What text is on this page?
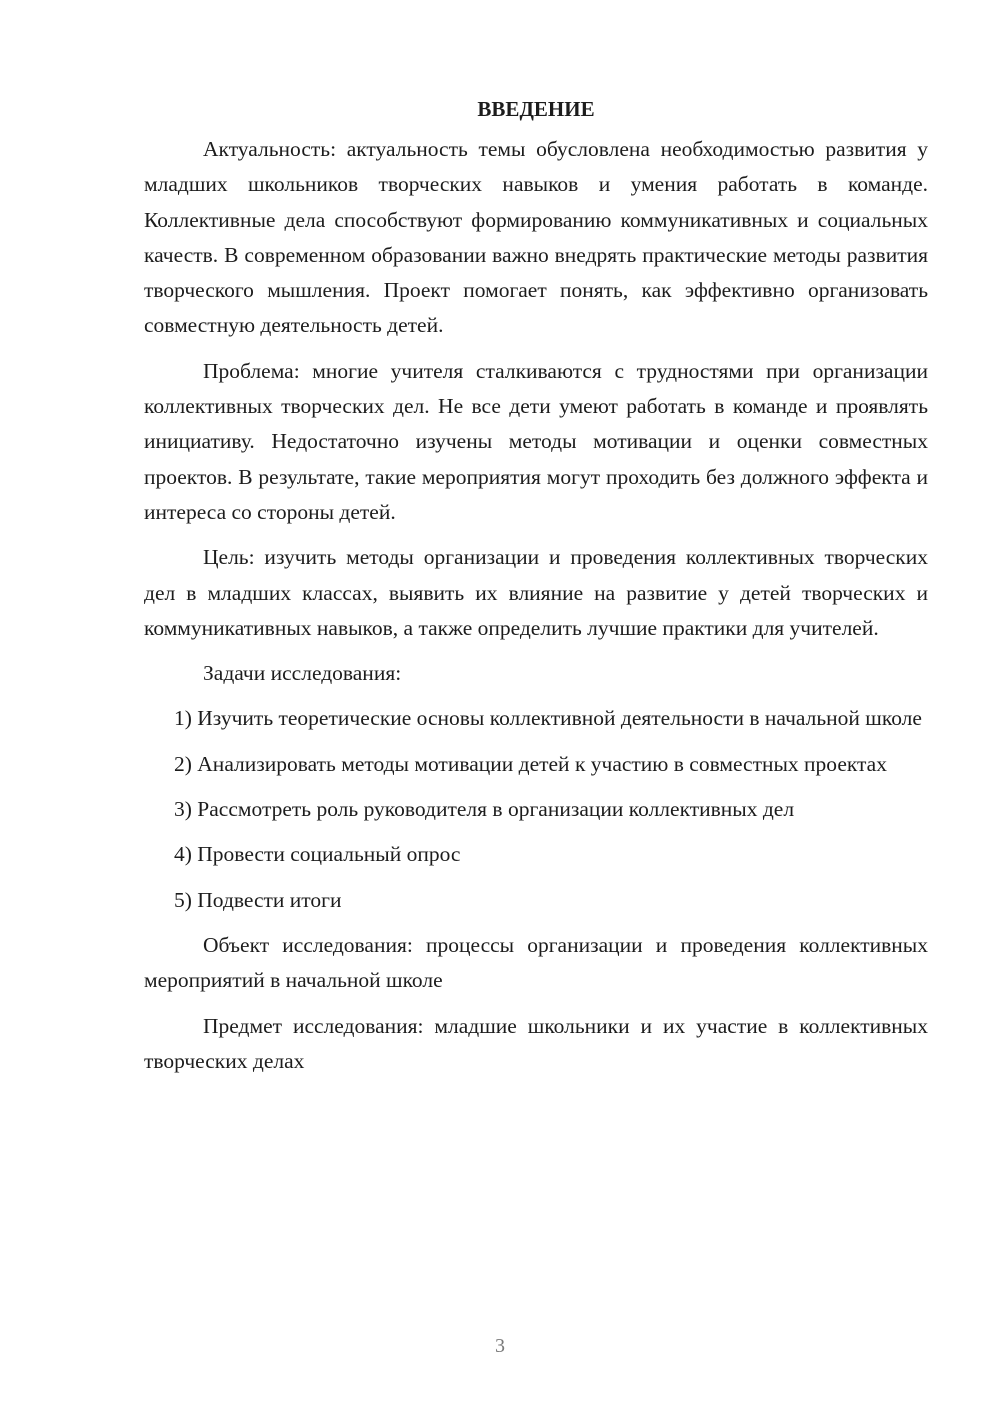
ВВЕДЕНИЕ

Актуальность: актуальность темы обусловлена необходимостью развития у младших школьников творческих навыков и умения работать в команде. Коллективные дела способствуют формированию коммуникативных и социальных качеств. В современном образовании важно внедрять практические методы развития творческого мышления. Проект помогает понять, как эффективно организовать совместную деятельность детей.

Проблема: многие учителя сталкиваются с трудностями при организации коллективных творческих дел. Не все дети умеют работать в команде и проявлять инициативу. Недостаточно изучены методы мотивации и оценки совместных проектов. В результате, такие мероприятия могут проходить без должного эффекта и интереса со стороны детей.

Цель: изучить методы организации и проведения коллективных творческих дел в младших классах, выявить их влияние на развитие у детей творческих и коммуникативных навыков, а также определить лучшие практики для учителей.

Задачи исследования:

1) Изучить теоретические основы коллективной деятельности в начальной школе

2) Анализировать методы мотивации детей к участию в совместных проектах

3) Рассмотреть роль руководителя в организации коллективных дел

4) Провести социальный опрос

5) Подвести итоги

Объект исследования: процессы организации и проведения коллективных мероприятий в начальной школе

Предмет исследования: младшие школьники и их участие в коллективных творческих делах

3
